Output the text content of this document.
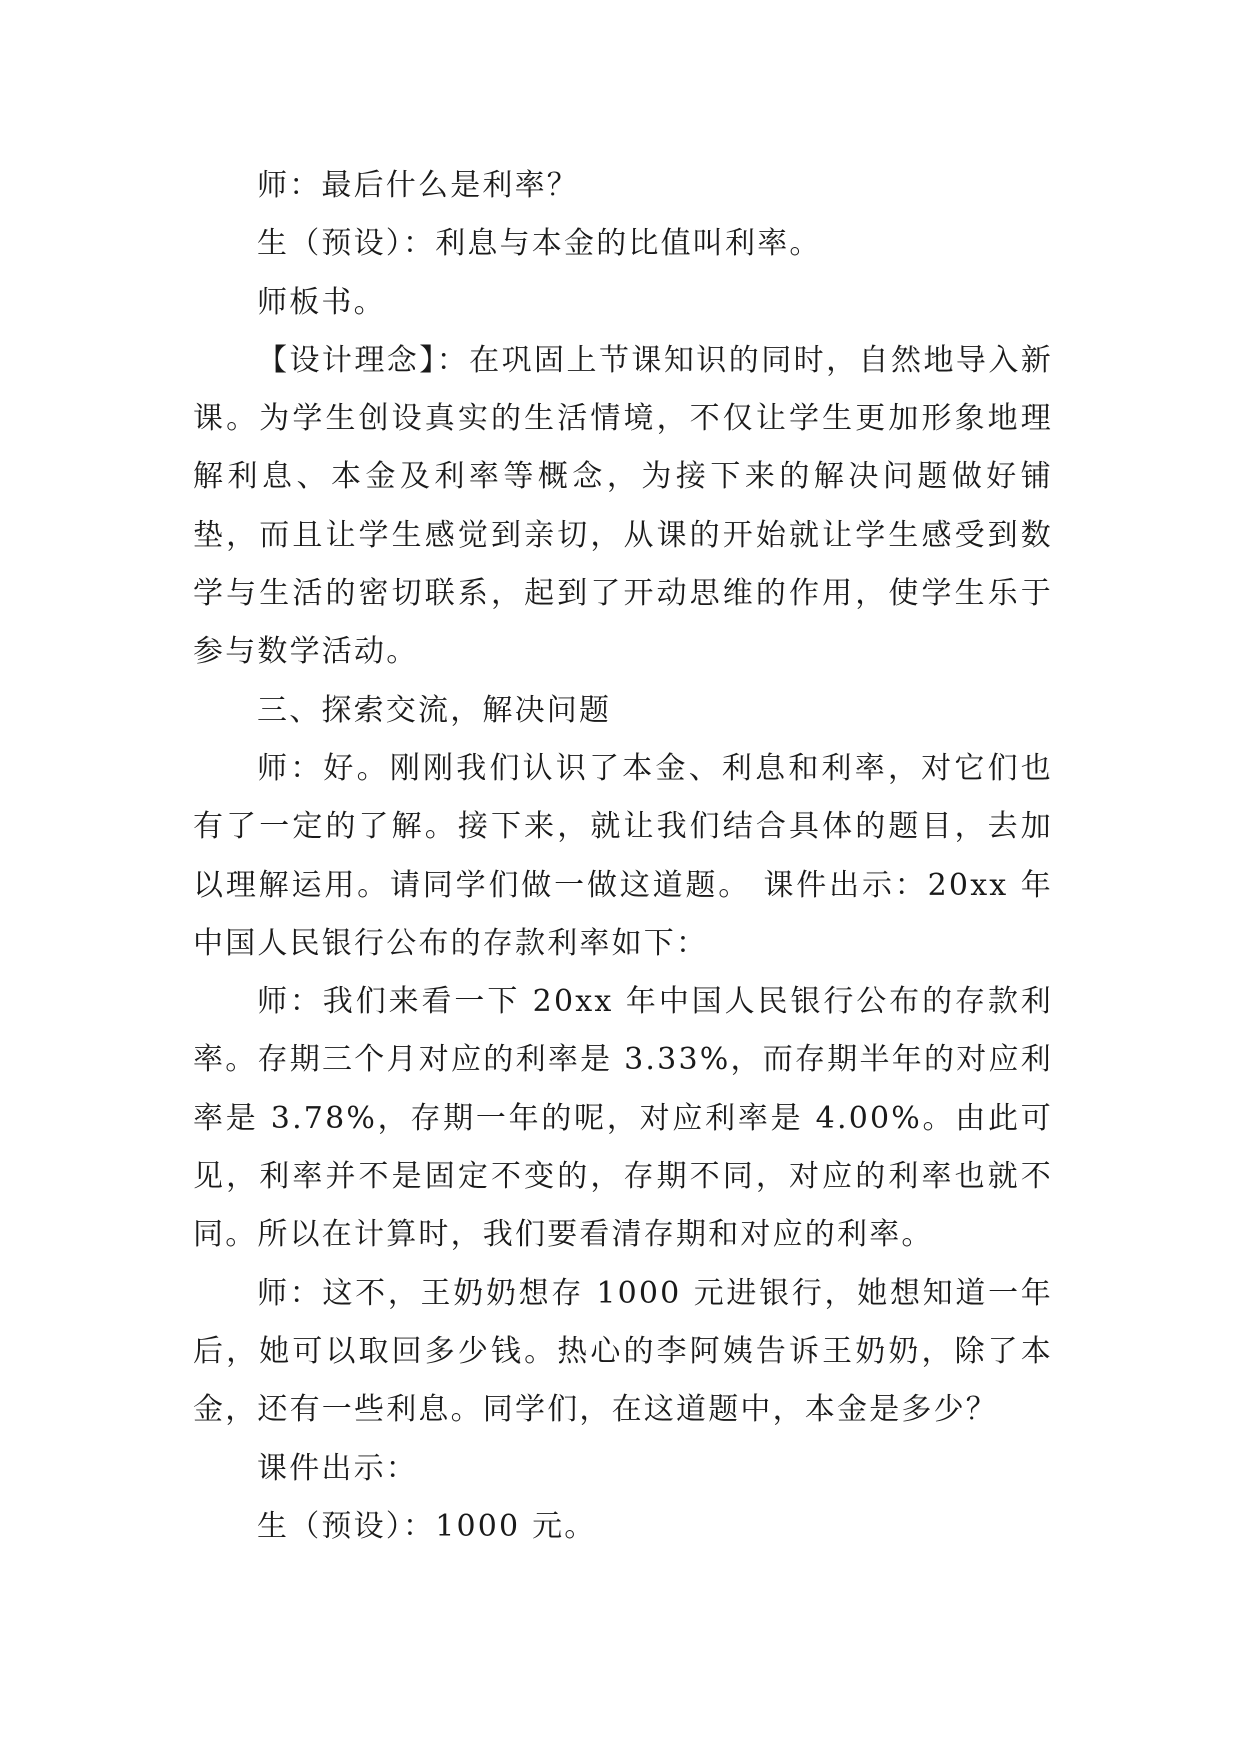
师：最后什么是利率？

生（预设）：利息与本金的比值叫利率。

师板书。

【设计理念】：在巩固上节课知识的同时，自然地导入新课。为学生创设真实的生活情境，不仅让学生更加形象地理解利息、本金及利率等概念，为接下来的解决问题做好铺垫，而且让学生感觉到亲切，从课的开始就让学生感受到数学与生活的密切联系，起到了开动思维的作用，使学生乐于参与数学活动。

三、探索交流，解决问题

师：好。刚刚我们认识了本金、利息和利率，对它们也有了一定的了解。接下来，就让我们结合具体的题目，去加以理解运用。请同学们做一做这道题。 课件出示：20xx 年中国人民银行公布的存款利率如下：

师：我们来看一下 20xx 年中国人民银行公布的存款利率。存期三个月对应的利率是 3.33%，而存期半年的对应利率是 3.78%，存期一年的呢，对应利率是 4.00%。由此可见，利率并不是固定不变的，存期不同，对应的利率也就不同。所以在计算时，我们要看清存期和对应的利率。

师：这不，王奶奶想存 1000 元进银行，她想知道一年后，她可以取回多少钱。热心的李阿姨告诉王奶奶，除了本金，还有一些利息。同学们，在这道题中，本金是多少？

课件出示：

生（预设）：1000 元。
